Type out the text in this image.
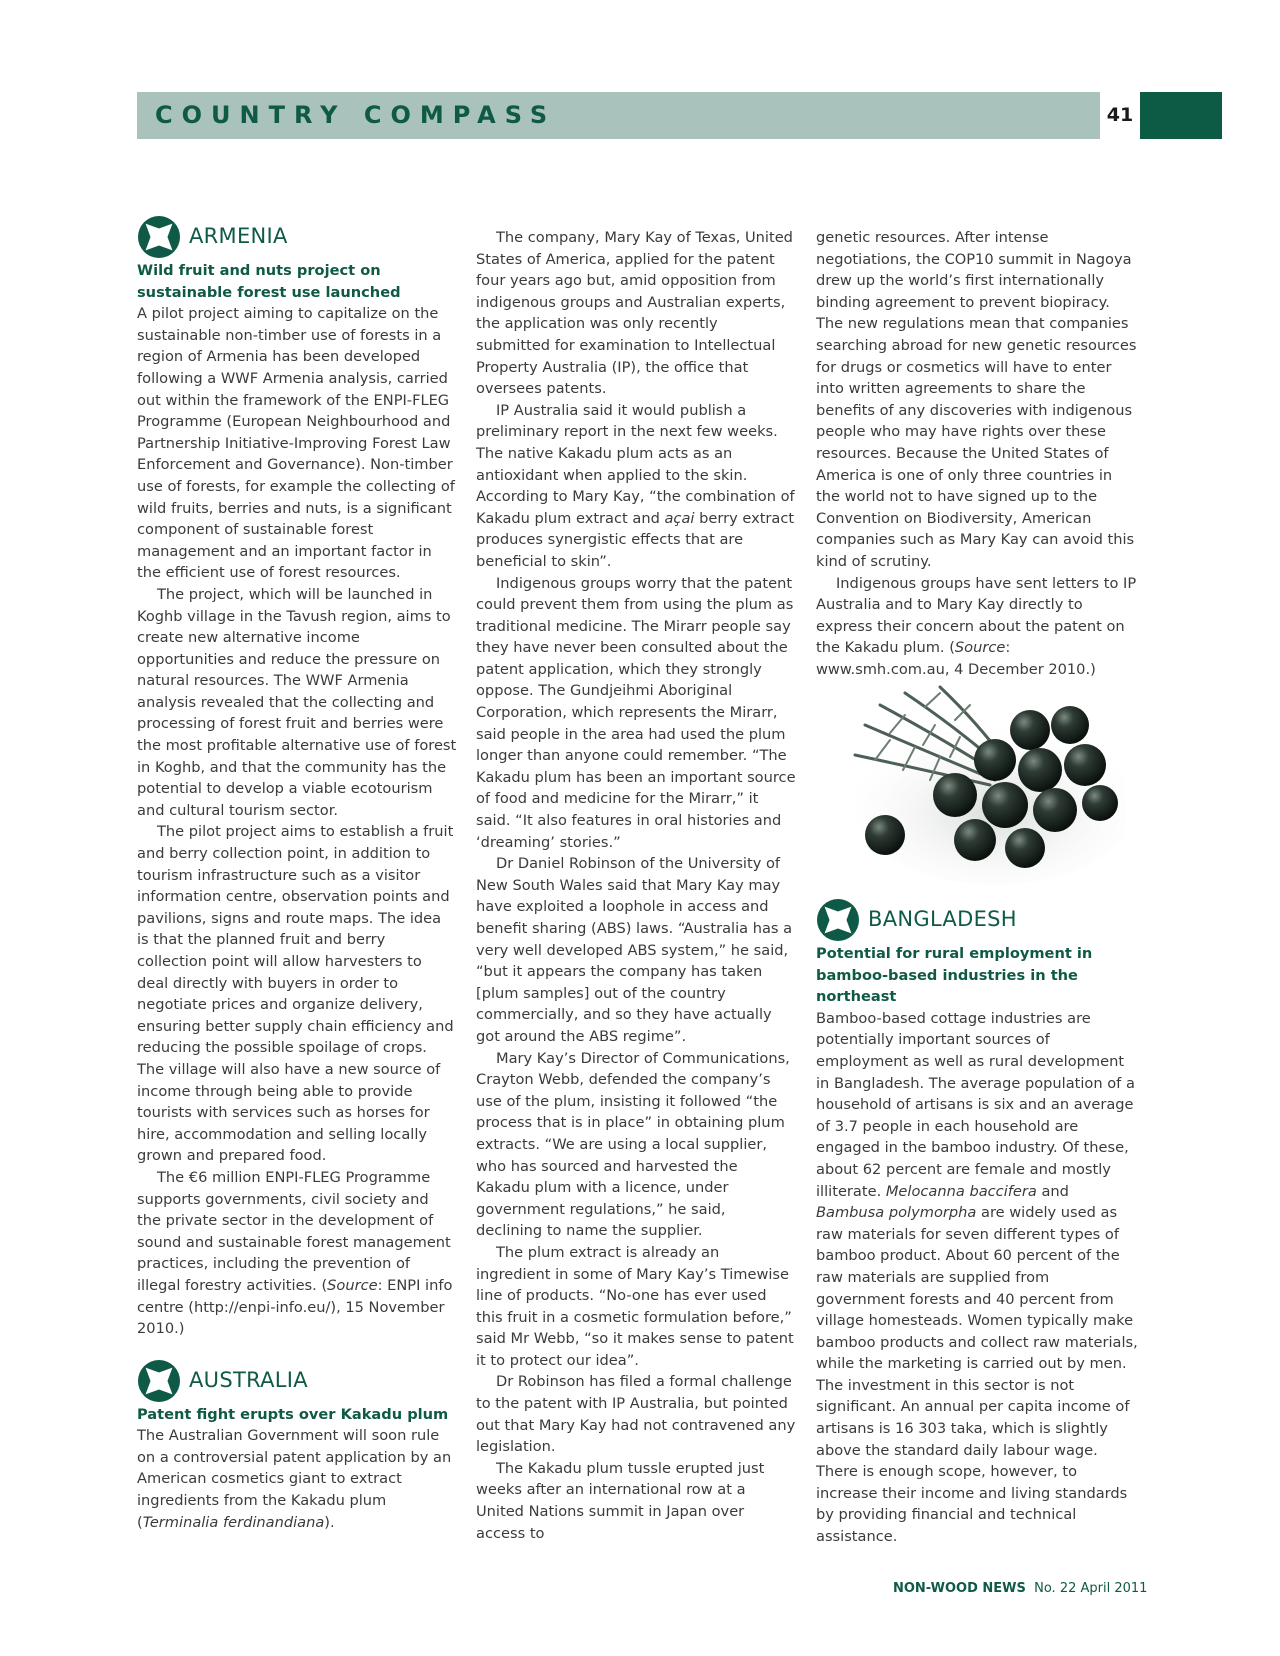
COUNTRY COMPASS	41
ARMENIA

Wild fruit and nuts project on sustainable forest use launched

A pilot project aiming to capitalize on the sustainable non-timber use of forests in a region of Armenia has been developed following a WWF Armenia analysis, carried out within the framework of the ENPI-FLEG Programme (European Neighbourhood and Partnership Initiative-Improving Forest Law Enforcement and Governance). Non-timber use of forests, for example the collecting of wild fruits, berries and nuts, is a significant component of sustainable forest management and an important factor in the efficient use of forest resources.

The project, which will be launched in Koghb village in the Tavush region, aims to create new alternative income opportunities and reduce the pressure on natural resources. The WWF Armenia analysis revealed that the collecting and processing of forest fruit and berries were the most profitable alternative use of forest in Koghb, and that the community has the potential to develop a viable ecotourism and cultural tourism sector.

The pilot project aims to establish a fruit and berry collection point, in addition to tourism infrastructure such as a visitor information centre, observation points and pavilions, signs and route maps. The idea is that the planned fruit and berry collection point will allow harvesters to deal directly with buyers in order to negotiate prices and organize delivery, ensuring better supply chain efficiency and reducing the possible spoilage of crops. The village will also have a new source of income through being able to provide tourists with services such as horses for hire, accommodation and selling locally grown and prepared food.

The €6 million ENPI-FLEG Programme supports governments, civil society and the private sector in the development of sound and sustainable forest management practices, including the prevention of illegal forestry activities. (Source: ENPI info centre (http://enpi-info.eu/), 15 November 2010.)

AUSTRALIA

Patent fight erupts over Kakadu plum

The Australian Government will soon rule on a controversial patent application by an American cosmetics giant to extract ingredients from the Kakadu plum (Terminalia ferdinandiana).

The company, Mary Kay of Texas, United States of America, applied for the patent four years ago but, amid opposition from indigenous groups and Australian experts, the application was only recently submitted for examination to Intellectual Property Australia (IP), the office that oversees patents.

IP Australia said it would publish a preliminary report in the next few weeks. The native Kakadu plum acts as an antioxidant when applied to the skin. According to Mary Kay, “the combination of Kakadu plum extract and açai berry extract produces synergistic effects that are beneficial to skin”.

Indigenous groups worry that the patent could prevent them from using the plum as traditional medicine. The Mirarr people say they have never been consulted about the patent application, which they strongly oppose. The Gundjeihmi Aboriginal Corporation, which represents the Mirarr, said people in the area had used the plum longer than anyone could remember. “The Kakadu plum has been an important source of food and medicine for the Mirarr,” it said. “It also features in oral histories and ‘dreaming’ stories.”

Dr Daniel Robinson of the University of New South Wales said that Mary Kay may have exploited a loophole in access and benefit sharing (ABS) laws. “Australia has a very well developed ABS system,” he said, “but it appears the company has taken [plum samples] out of the country commercially, and so they have actually got around the ABS regime”.

Mary Kay’s Director of Communications, Crayton Webb, defended the company’s use of the plum, insisting it followed “the process that is in place” in obtaining plum extracts. “We are using a local supplier, who has sourced and harvested the Kakadu plum with a licence, under government regulations,” he said, declining to name the supplier.

The plum extract is already an ingredient in some of Mary Kay’s Timewise line of products. “No-one has ever used this fruit in a cosmetic formulation before,” said Mr Webb, “so it makes sense to patent it to protect our idea”.

Dr Robinson has filed a formal challenge to the patent with IP Australia, but pointed out that Mary Kay had not contravened any legislation.

The Kakadu plum tussle erupted just weeks after an international row at a United Nations summit in Japan over access to

genetic resources. After intense negotiations, the COP10 summit in Nagoya drew up the world’s first internationally binding agreement to prevent biopiracy. The new regulations mean that companies searching abroad for new genetic resources for drugs or cosmetics will have to enter into written agreements to share the benefits of any discoveries with indigenous people who may have rights over these resources. Because the United States of America is one of only three countries in the world not to have signed up to the Convention on Biodiversity, American companies such as Mary Kay can avoid this kind of scrutiny.

Indigenous groups have sent letters to IP Australia and to Mary Kay directly to express their concern about the patent on the Kakadu plum. (Source: www.smh.com.au, 4 December 2010.)

BANGLADESH

Potential for rural employment in bamboo-based industries in the northeast

Bamboo-based cottage industries are potentially important sources of employment as well as rural development in Bangladesh. The average population of a household of artisans is six and an average of 3.7 people in each household are engaged in the bamboo industry. Of these, about 62 percent are female and mostly illiterate. Melocanna baccifera and Bambusa polymorpha are widely used as raw materials for seven different types of bamboo product. About 60 percent of the raw materials are supplied from government forests and 40 percent from village homesteads. Women typically make bamboo products and collect raw materials, while the marketing is carried out by men. The investment in this sector is not significant. An annual per capita income of artisans is 16 303 taka, which is slightly above the standard daily labour wage. There is enough scope, however, to increase their income and living standards by providing financial and technical assistance.

NON-WOOD NEWS No. 22 April 2011
